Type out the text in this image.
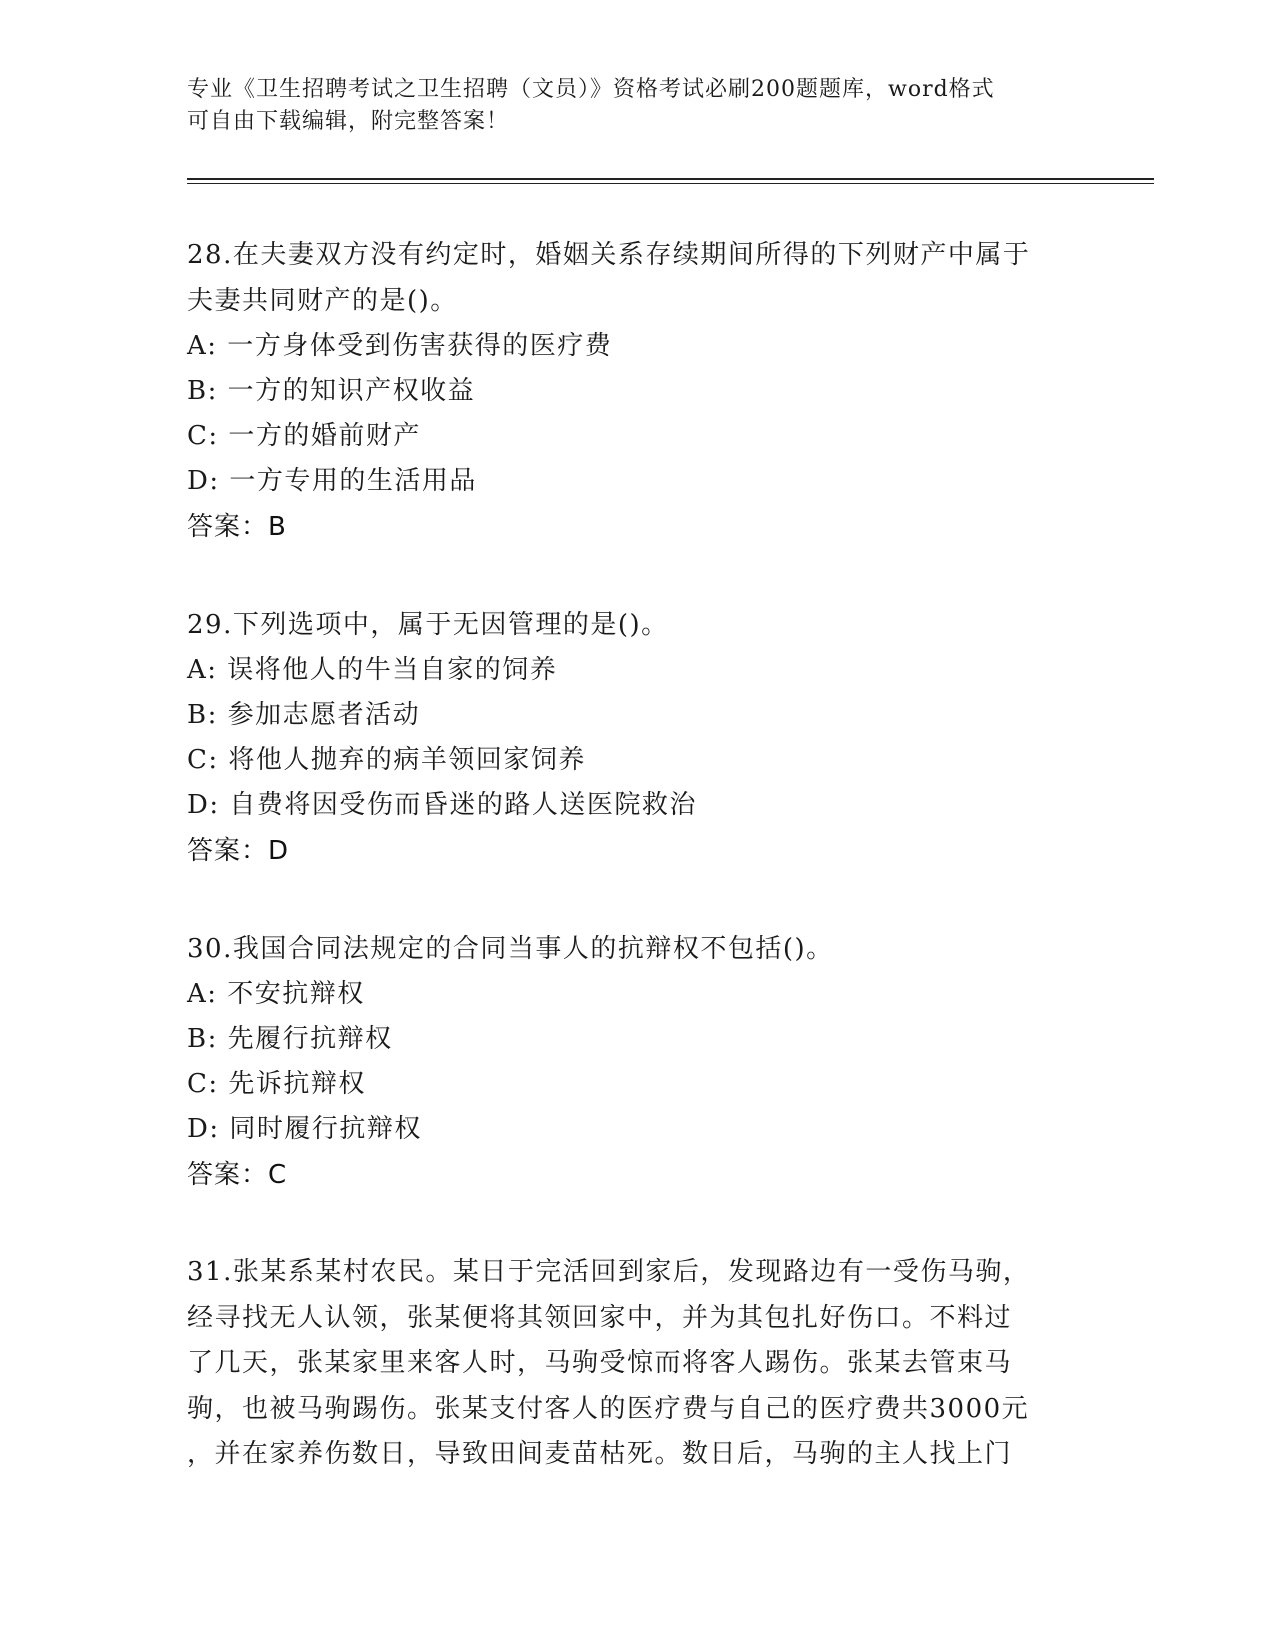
专业《卫生招聘考试之卫生招聘（文员）》资格考试必刷200题题库，word格式
可自由下载编辑，附完整答案！

28.在夫妻双方没有约定时，婚姻关系存续期间所得的下列财产中属于
夫妻共同财产的是()。

A: 一方身体受到伤害获得的医疗费

B: 一方的知识产权收益

C: 一方的婚前财产

D: 一方专用的生活用品

答案：B

29.下列选项中，属于无因管理的是()。

A: 误将他人的牛当自家的饲养

B: 参加志愿者活动

C: 将他人抛弃的病羊领回家饲养

D: 自费将因受伤而昏迷的路人送医院救治

答案：D

30.我国合同法规定的合同当事人的抗辩权不包括()。

A: 不安抗辩权

B: 先履行抗辩权

C: 先诉抗辩权

D: 同时履行抗辩权

答案：C

31.张某系某村农民。某日于完活回到家后，发现路边有一受伤马驹，
经寻找无人认领，张某便将其领回家中，并为其包扎好伤口。不料过
了几天，张某家里来客人时，马驹受惊而将客人踢伤。张某去管束马
驹，也被马驹踢伤。张某支付客人的医疗费与自己的医疗费共3000元
，并在家养伤数日，导致田间麦苗枯死。数日后，马驹的主人找上门
